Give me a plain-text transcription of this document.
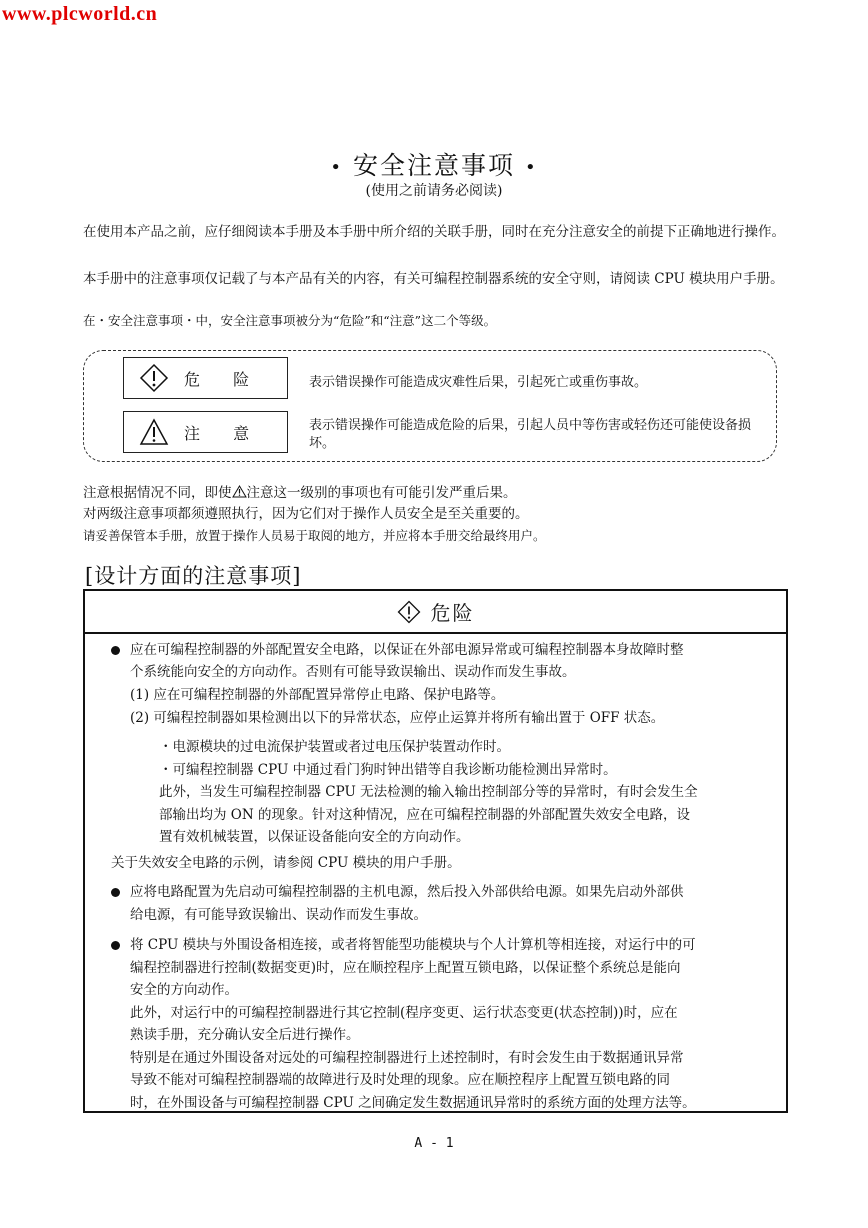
www.plcworld.cn
• 安全注意事项 •
(使用之前请务必阅读)
在使用本产品之前，应仔细阅读本手册及本手册中所介绍的关联手册，同时在充分注意安全的前提下正确地进行操作。
本手册中的注意事项仅记载了与本产品有关的内容，有关可编程控制器系统的安全守则，请阅读 CPU 模块用户手册。
在・安全注意事项・中，安全注意事项被分为“危险”和“注意”这二个等级。
危 险	表示错误操作可能造成灾难性后果，引起死亡或重伤事故。
注 意	表示错误操作可能造成危险的后果，引起人员中等伤害或轻伤还可能使设备损坏。
注意根据情况不同，即使 注意这一级别的事项也有可能引发严重后果。
对两级注意事项都须遵照执行，因为它们对于操作人员安全是至关重要的。
请妥善保管本手册，放置于操作人员易于取阅的地方，并应将本手册交给最终用户。
[设计方面的注意事项]
危险
应在可编程控制器的外部配置安全电路，以保证在外部电源异常或可编程控制器本身故障时整
个系统能向安全的方向动作。否则有可能导致误输出、误动作而发生事故。
(1) 应在可编程控制器的外部配置异常停止电路、保护电路等。
(2) 可编程控制器如果检测出以下的异常状态，应停止运算并将所有输出置于 OFF 状态。
・电源模块的过电流保护装置或者过电压保护装置动作时。
・可编程控制器 CPU 中通过看门狗时钟出错等自我诊断功能检测出异常时。
此外，当发生可编程控制器 CPU 无法检测的输入输出控制部分等的异常时，有时会发生全
部输出均为 ON 的现象。针对这种情况，应在可编程控制器的外部配置失效安全电路，设
置有效机械装置，以保证设备能向安全的方向动作。
关于失效安全电路的示例，请参阅 CPU 模块的用户手册。
应将电路配置为先启动可编程控制器的主机电源，然后投入外部供给电源。如果先启动外部供
给电源，有可能导致误输出、误动作而发生事故。
将 CPU 模块与外围设备相连接，或者将智能型功能模块与个人计算机等相连接，对运行中的可
编程控制器进行控制(数据变更)时，应在顺控程序上配置互锁电路，以保证整个系统总是能向
安全的方向动作。
此外，对运行中的可编程控制器进行其它控制(程序变更、运行状态变更(状态控制))时，应在
熟读手册，充分确认安全后进行操作。
特别是在通过外围设备对远处的可编程控制器进行上述控制时，有时会发生由于数据通讯异常
导致不能对可编程控制器端的故障进行及时处理的现象。应在顺控程序上配置互锁电路的同
时，在外围设备与可编程控制器 CPU 之间确定发生数据通讯异常时的系统方面的处理方法等。
A - 1
